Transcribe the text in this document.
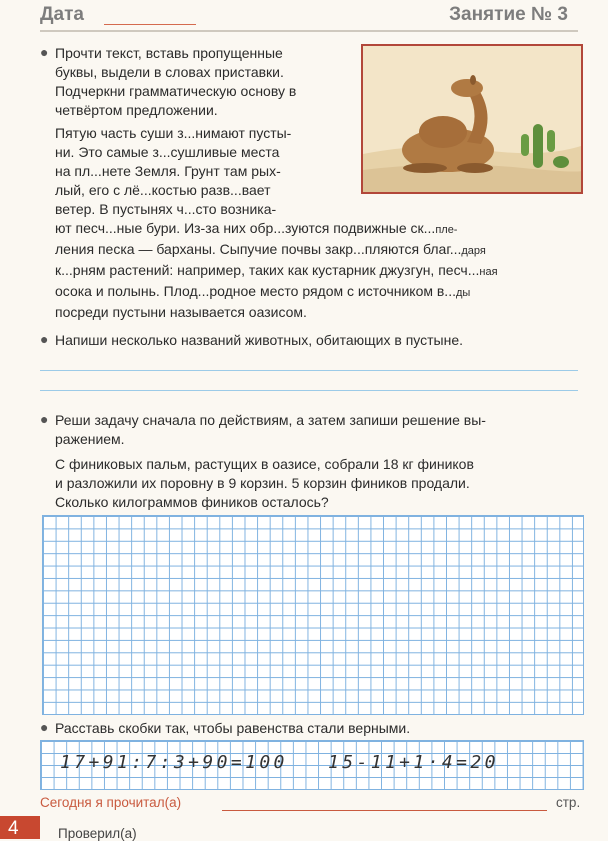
Дата	Занятие № 3
● Прочти текст, вставь пропущенные
буквы, выдели в словах приставки.
Подчеркни грамматическую основу в
четвёртом предложении.
Пятую часть суши з...нимают пусты-
ни. Это самые з...сушливые места
на пл...нете Земля. Грунт там рых-
лый, его с лё...костью разв...вает
ветер. В пустынях ч...сто возника-
ют песч...ные бури. Из-за них обр...зуются подвижные ск...пле-
ления песка — барханы. Сыпучие почвы закр...пляются благ...даря
к...рням растений: например, таких как кустарник джузгун, песч...ная
осока и полынь. Плод...родное место рядом с источником в...ды
посреди пустыни называется оазисом.
● Напиши несколько названий животных, обитающих в пустыне.
● Реши задачу сначала по действиям, а затем запиши решение вы-
ражением.
С финиковых пальм, растущих в оазисе, собрали 18 кг фиников
и разложили их поровну в 9 корзин. 5 корзин фиников продали.
Сколько килограммов фиников осталось?
● Расставь скобки так, чтобы равенства стали верными.
17+91:7:3+90=100 15-11+1·4=20
Сегодня я прочитал(а)	стр.
4	Проверил(а)
